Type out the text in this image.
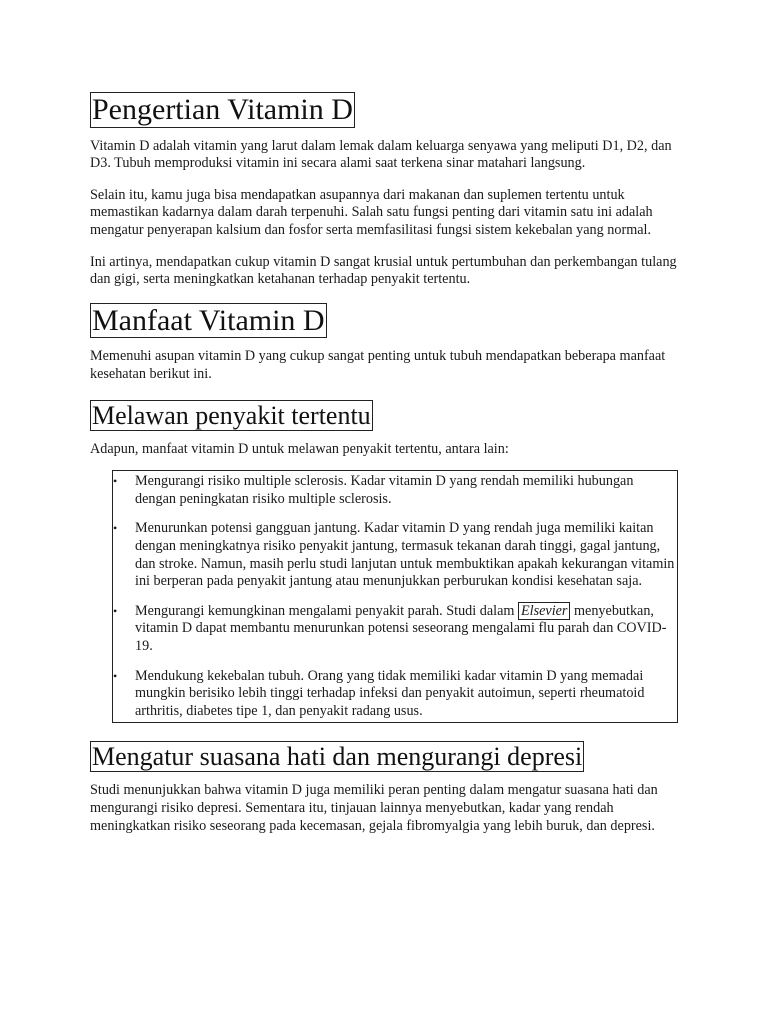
Pengertian Vitamin D

Vitamin D adalah vitamin yang larut dalam lemak dalam keluarga senyawa yang meliputi D1, D2, dan D3. Tubuh memproduksi vitamin ini secara alami saat terkena sinar matahari langsung.

Selain itu, kamu juga bisa mendapatkan asupannya dari makanan dan suplemen tertentu untuk memastikan kadarnya dalam darah terpenuhi. Salah satu fungsi penting dari vitamin satu ini adalah mengatur penyerapan kalsium dan fosfor serta memfasilitasi fungsi sistem kekebalan yang normal.

Ini artinya, mendapatkan cukup vitamin D sangat krusial untuk pertumbuhan dan perkembangan tulang dan gigi, serta meningkatkan ketahanan terhadap penyakit tertentu.

Manfaat Vitamin D

Memenuhi asupan vitamin D yang cukup sangat penting untuk tubuh mendapatkan beberapa manfaat kesehatan berikut ini.

Melawan penyakit tertentu

Adapun, manfaat vitamin D untuk melawan penyakit tertentu, antara lain:

• Mengurangi risiko multiple sclerosis. Kadar vitamin D yang rendah memiliki hubungan dengan peningkatan risiko multiple sclerosis.
• Menurunkan potensi gangguan jantung. Kadar vitamin D yang rendah juga memiliki kaitan dengan meningkatnya risiko penyakit jantung, termasuk tekanan darah tinggi, gagal jantung, dan stroke. Namun, masih perlu studi lanjutan untuk membuktikan apakah kekurangan vitamin ini berperan pada penyakit jantung atau menunjukkan perburukan kondisi kesehatan saja.
• Mengurangi kemungkinan mengalami penyakit parah. Studi dalam Elsevier menyebutkan, vitamin D dapat membantu menurunkan potensi seseorang mengalami flu parah dan COVID-19.
• Mendukung kekebalan tubuh. Orang yang tidak memiliki kadar vitamin D yang memadai mungkin berisiko lebih tinggi terhadap infeksi dan penyakit autoimun, seperti rheumatoid arthritis, diabetes tipe 1, dan penyakit radang usus.
Mengatur suasana hati dan mengurangi depresi

Studi menunjukkan bahwa vitamin D juga memiliki peran penting dalam mengatur suasana hati dan mengurangi risiko depresi. Sementara itu, tinjauan lainnya menyebutkan, kadar yang rendah meningkatkan risiko seseorang pada kecemasan, gejala fibromyalgia yang lebih buruk, dan depresi.
